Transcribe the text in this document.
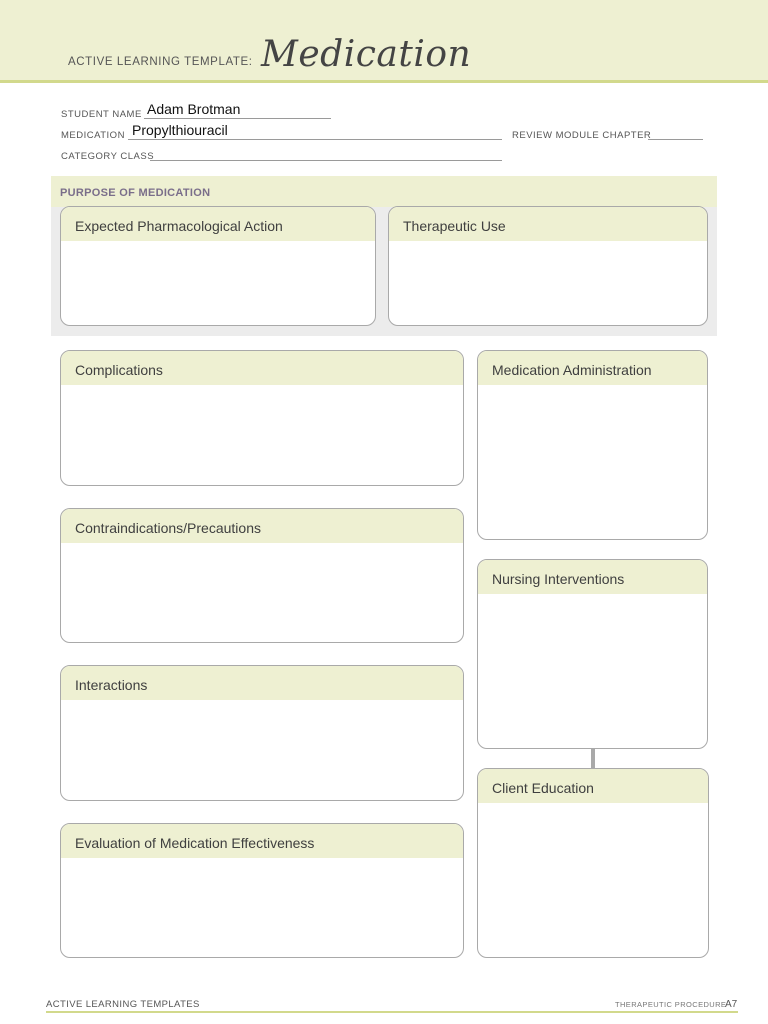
ACTIVE LEARNING TEMPLATE: Medication
STUDENT NAME Adam Brotman
MEDICATION Propylthiouracil	REVIEW MODULE CHAPTER
CATEGORY CLASS
PURPOSE OF MEDICATION
Expected Pharmacological Action	Therapeutic Use
Complications
Contraindications/Precautions
Interactions
Evaluation of Medication Effectiveness
Medication Administration
Nursing Interventions
Client Education
ACTIVE LEARNING TEMPLATES	THERAPEUTIC PROCEDURE
A7
